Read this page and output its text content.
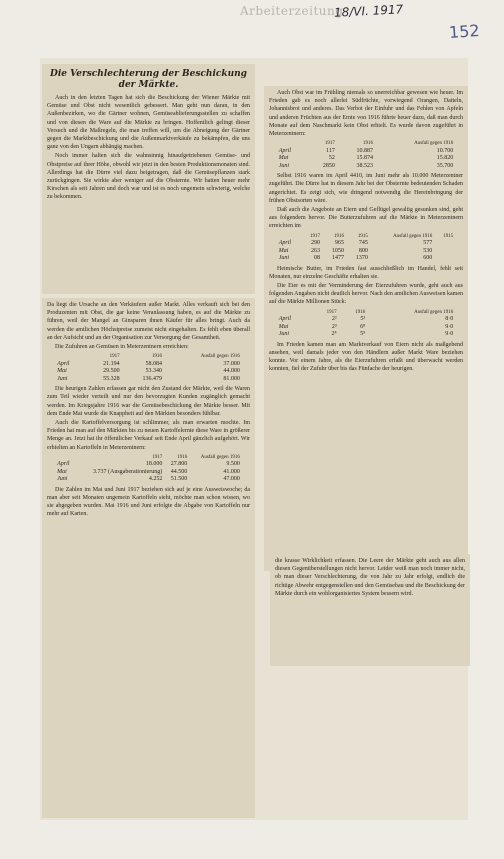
Arbeiterzeitung
18/VI. 1917
152
Die Verschlechterung der Beschickung der Märkte.

Auch in den letzten Tagen hat sich die Beschickung der Wiener Märkte mit Gemüse und Obst nicht wesentlich gebessert. Man geht nun daran, in den Außenbezirken, wo die Gärtner wohnen, Gemüseablieferungsstellen zu schaffen und von diesen die Ware auf die Märkte zu bringen. Hoffentlich gelingt dieser Versuch und die Maßregeln, die man treffen will, um die Abneigung der Gärtner gegen die Marktbeschickung und die Außenmarktverkäufe zu bekämpfen, die uns ganz von den Ungarn abhängig machen.

Noch immer halten sich die wahnsinnig hinaufgetriebenen Gemüse- und Obstpreise auf ihrer Höhe, obwohl wir jetzt in den besten Produktionsmonaten sind. Allerdings hat die Dürre viel dazu beigetragen, daß die Gemüsepflanzen stark zurückgingen. Sie wirkte aber weniger auf die Obsternte. Wir hatten heuer mehr Kirschen als seit Jahren und doch war und ist es noch ungemein schwierig, welche zu bekommen.

Da liegt die Ursache an den Verkäufern außer Markt. Alles verkauft sich bei den Produzenten mit Obst, die gar keine Veranlassung haben, es auf die Märkte zu führen, weil der Mangel an Ginsparen ihnen Käufer für alles bringt. Auch da werden die amtlichen Höchstpreise zumeist nicht eingehalten. Es fehlt eben überall an der Aufsicht und an der Organisation zur Versorgung der Gesamtheit.

Die Zufuhren an Gemüsen in Meterzentnern erreichten:

	1917	1916	Ausfall gegen 1916
April	21.194	58.084	37.000
Mai	29.500	53.340	44.000
Juni	55.328	136.479	81.000

Die heurigen Zahlen erfassen gar nicht den Zustand der Märkte, weil die Waren zum Teil wieder verteilt und nur den bevorzugten Kunden zugänglich gemacht werden. Im Kriegsjahre 1916 war die Gemüsebeschickung der Märkte besser. Mit dem Ende Mai wurde die Knappheit auf den Märkten besonders fühlbar.

Auch die Kartoffelversorgung ist schlimmer, als man erwarten mochte. Im Frieden hat man auf den Märkten bis zu neuen Kartoffelernte diese Ware in größerer Menge an. Jetzt hat ihr öffentlicher Verkauf seit Ende April gänzlich aufgehört. Wir erhielten an Kartoffeln in Meterzentnern:

	1917	1916	Ausfall gegen 1916
April	18.000	27.800	9.500
Mai	3.737 (Ausgaberationierung)	44.500	41.000
Juni	4.252	51.500	47.000

Die Zahlen im Mai und Juni 1917 beziehen sich auf je eine Ausweiswoche; da man aber seit Monaten ungemein Kartoffeln sieht, möchte man schon wissen, wo sie abgegeben wurden. Mai 1916 und Juni erfolgte die Abgabe von Kartoffeln nur mehr auf Karten.

Auch Obst war im Frühling niemals so unerreichbar gewesen wie heuer. Im Frieden gab es noch allerlei Südfrüchte, vorwiegend Orangen, Datteln, Johannisbrot und anderes. Das Verbot der Einfuhr und das Fehlen von Apfeln und anderen Früchten aus der Ernte von 1916 führte heuer dazu, daß man durch Monate auf dem Naschmarkt kein Obst erhielt. Es wurde davon zugeführt in Meterzentnern:

	1917	1916	Ausfall gegen 1916
April	117	10.887	10.700
Mai	52	15.874	15.820
Juni	2850	38.523	35.700

Selbst 1916 waren im April 4410, im Juni mehr als 10.000 Meterzentner zugeführt. Die Dürre hat in diesem Jahr bei der Obsternte bedeutenden Schaden angerichtet. Es zeigt sich, wie dringend notwendig die Hereinbringung der frühen Obstsorten wäre.

Daß auch die Angebote an Eiern und Geflügel gewaltig gesunken sind, geht aus folgendem hervor. Die Butterzufuhren auf die Märkte in Meterzentnern erreichten im

	1917	1916	1915	Ausfall gegen 1916	1915
April	290	965	745	577	
Mai	263	1050	800	530	
Juni	08	1477	1370	600	

Heimische Butter, im Frieden fast ausschließlich im Handel, fehlt seit Monaten, nur einzelne Geschäfte erhalten sie.

Die Eier es mit der Verminderung der Eierzufuhren wurde, geht auch aus folgenden Angaben nicht deutlich hervor. Nach den amtlichen Ausweisen kamen auf die Märkte Millionen Stück:

	1917	1916	Ausfall gegen 1916
April	2²	5³	8·0
Mai	2³	6⁸	9·0
Juni	2⁴	5⁹	9·0

Im Frieden kamen man am Marktverkauf von Eiern nicht als maßgebend ansehen, weil damals jeder von den Händlern außer Markt Ware beziehen konnte. Vor einem Jahre, als die Eierzufuhren erfaßt und überwacht werden konnten, fiel der Zufuhr über bis das Fünfache der heurigen.

die krasse Wirklichkeit erfassen. Die Leere der Märkte geht auch aus allen diesen Gegenüberstellungen nicht hervor. Leider weiß man noch immer nicht, ob man dieser Verschlechterung, die von Jahr zu Jahr erfolgt, endlich die richtige Abwehr entgegenstellen und den Gemüsebau und die Beschickung der Märkte durch ein wohlorganisiertes System bessern wird.
